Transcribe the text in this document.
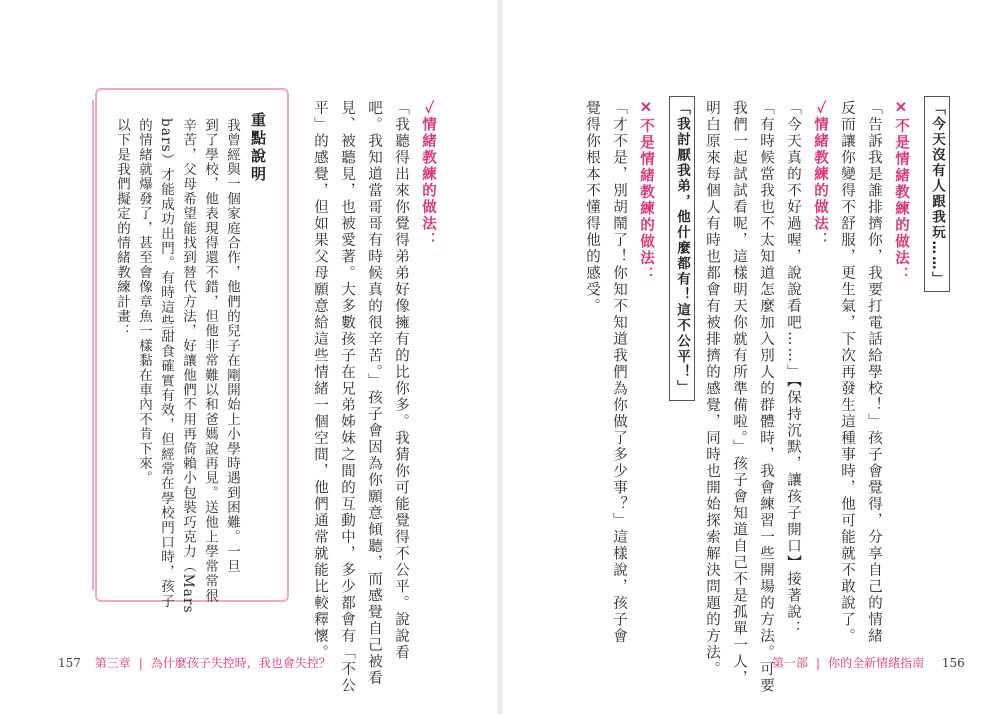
「今天沒有人跟我玩……」
✕不是情緒教練的做法：
「告訴我是誰排擠你，我要打電話給學校！」孩子會覺得，分享自己的情緒
反而讓你變得不舒服，更生氣，下次再發生這種事時，他可能就不敢說了。
✓情緒教練的做法：
「今天真的不好過喔，說說看吧……」【保持沉默，讓孩子開口】接著說：
「有時候當我也不太知道怎麼加入別人的群體時，我會練習一些開場的方法。可要
我們一起試試看呢，這樣明天你就有所準備啦。」孩子會知道自己不是孤單一人，
明白原來每個人有時也都會有被排擠的感覺，同時也開始探索解決問題的方法。
「我討厭我弟，他什麼都有！這不公平！」
✕不是情緒教練的做法：
「才不是，別胡鬧了！你知不知道我們為你做了多少事？」這樣說，孩子會
覺得你根本不懂得他的感受。
第一部 | 你的全新情緒指南 156
✓情緒教練的做法：
「我聽得出來你覺得弟弟好像擁有的比你多。我猜你可能覺得不公平。說說看
吧。我知道當哥哥有時候真的很辛苦。」孩子會因為你願意傾聽，而感覺自己被看
見、被聽見，也被愛著。大多數孩子在兄弟姊妹之間的互動中，多少都會有「不公
平」的感覺，但如果父母願意給這些情緒一個空間，他們通常就能比較釋懷。
重點說明
我曾經與一個家庭合作，他們的兒子在剛開始上小學時遇到困難。一旦
到了學校，他表現得還不錯，但他非常難以和爸媽說再見。送他上學常常很
辛苦，父母希望能找到替代方法，好讓他們不用再倚賴小包裝巧克力（Mars
bars）才能成功出門。有時這些甜食確實有效，但經常在學校門口時，孩子
的情緒就爆發了，甚至會像章魚一樣黏在車內不肯下來。
以下是我們擬定的情緒教練計畫：
157 第三章 | 為什麼孩子失控時，我也會失控？
